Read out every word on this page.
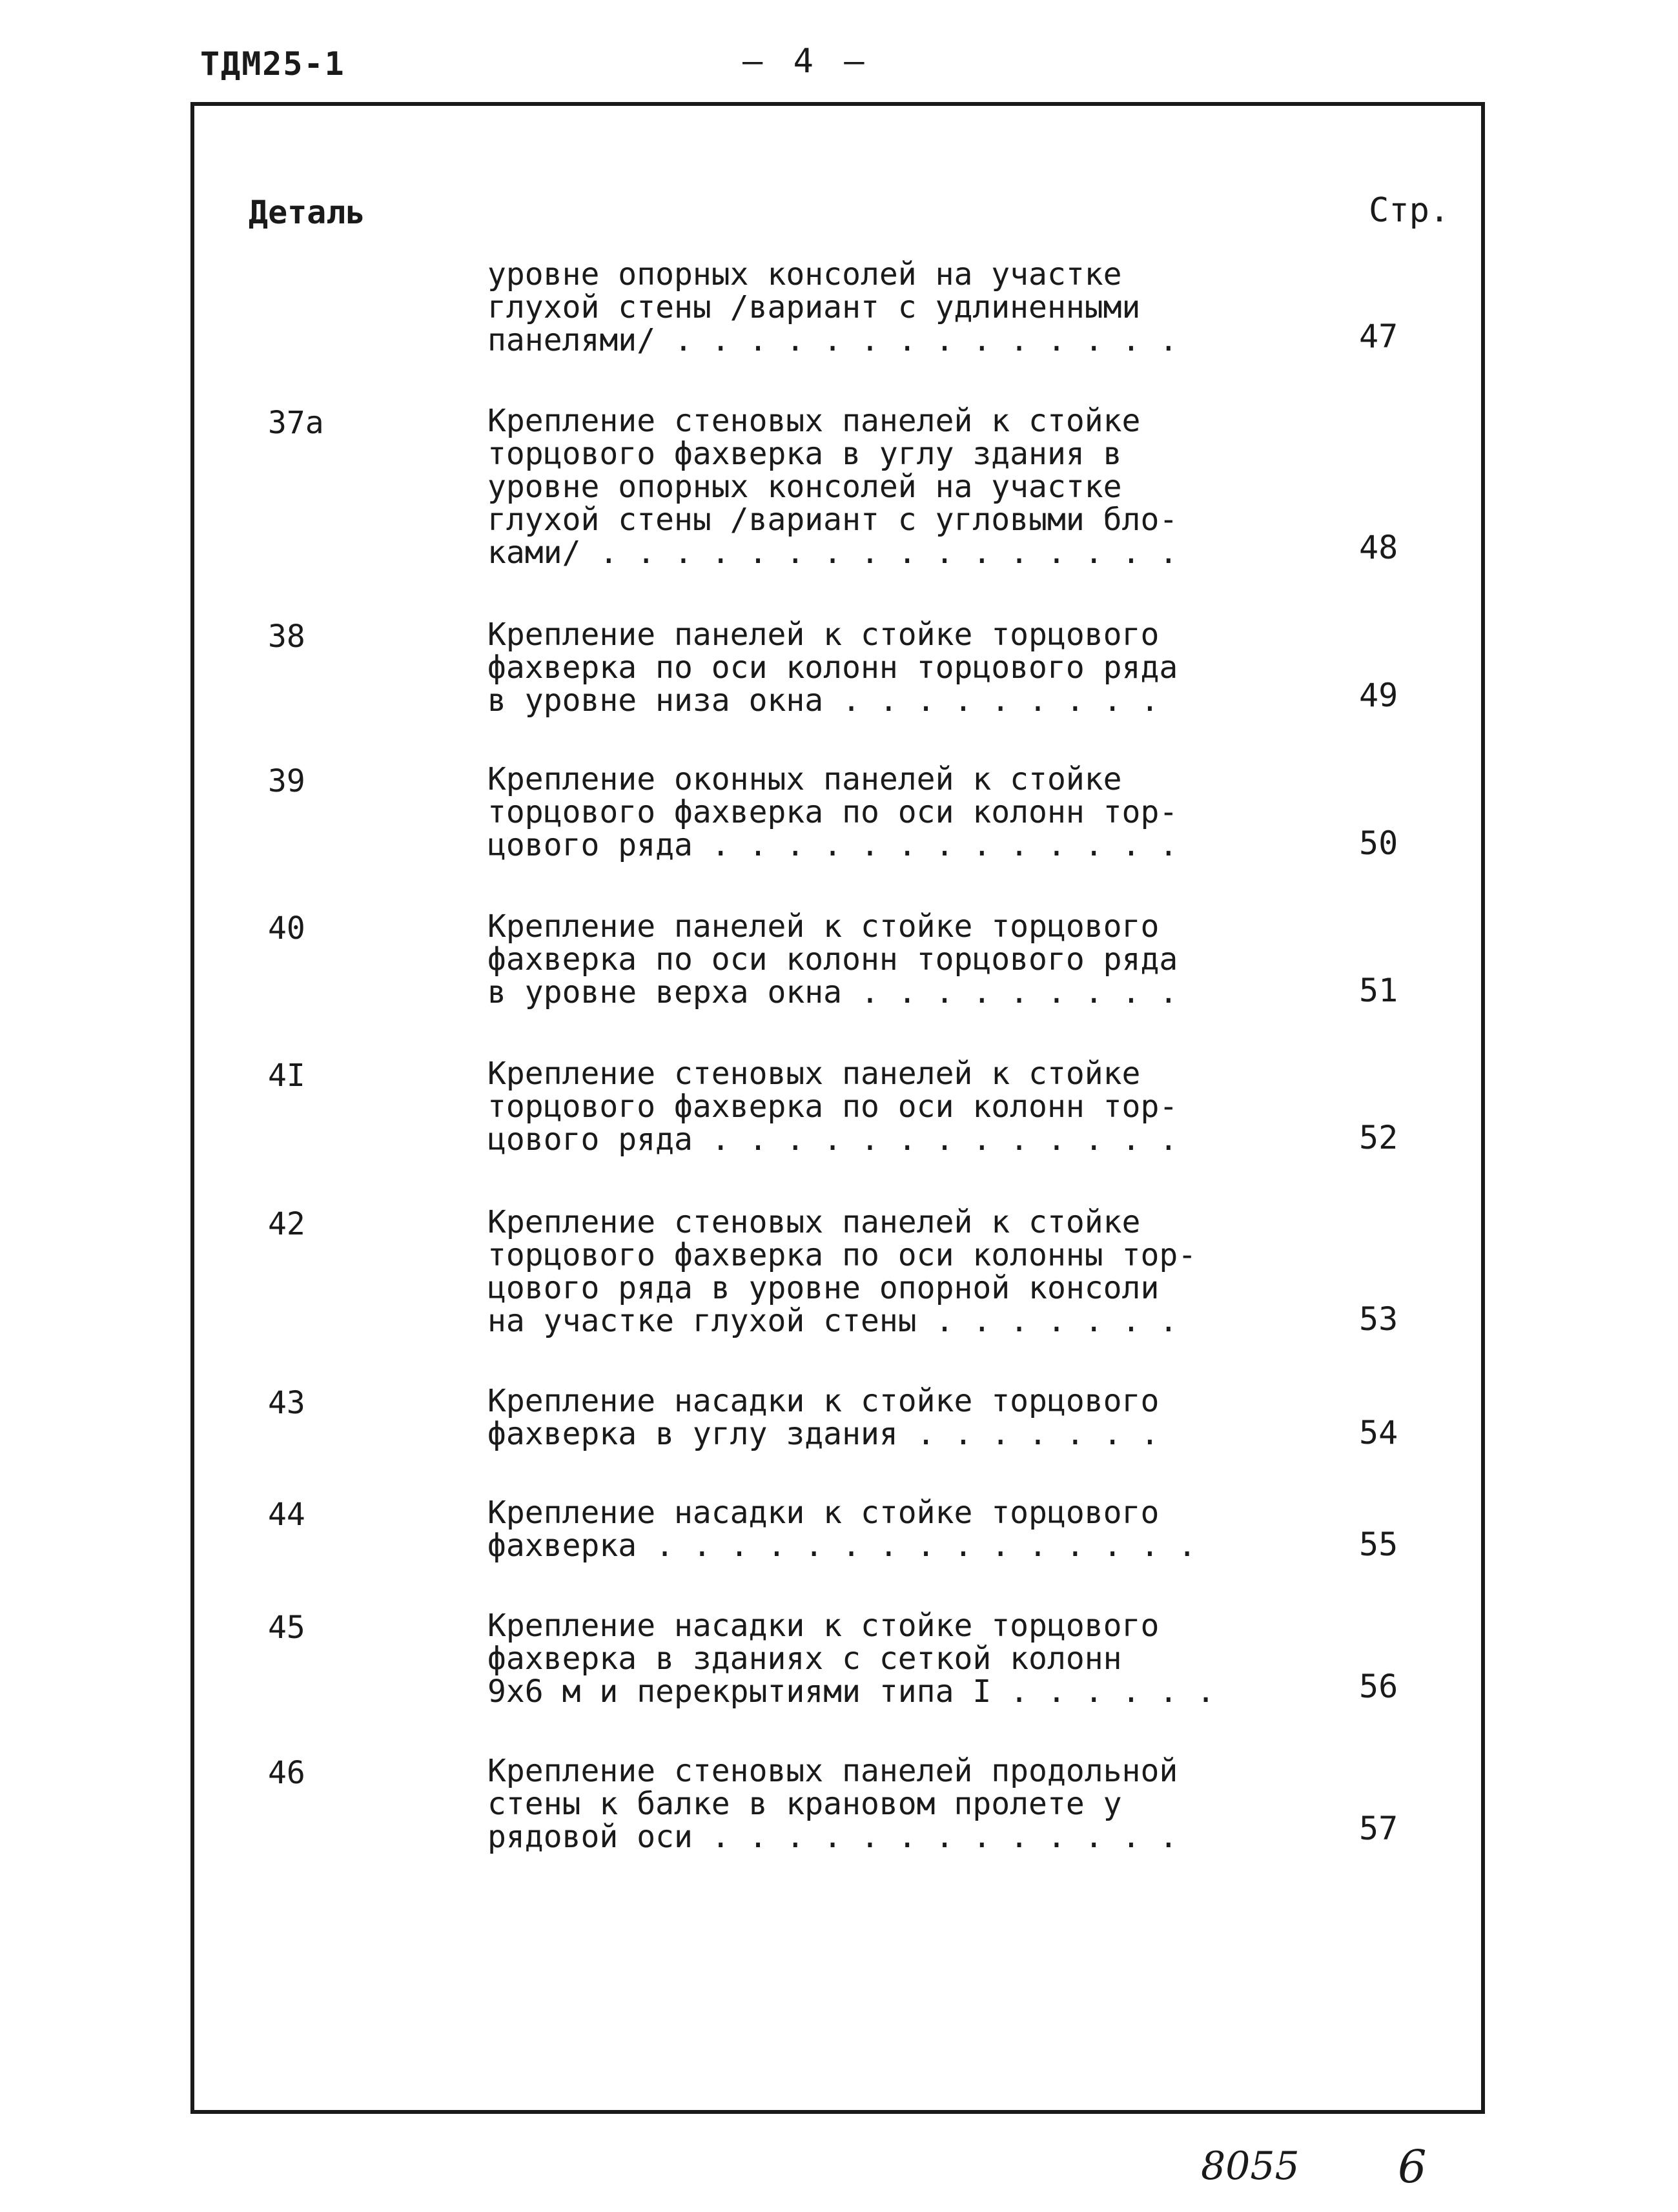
ТДМ25-1	— 4 —
Деталь	Стр.
уровне опорных консолей на участке
глухой стены /вариант с удлиненными
панелями/ . . . . . . . . . . . . . .	47
37а	Крепление стеновых панелей к стойке
торцового фахверка в углу здания в
уровне опорных консолей на участке
глухой стены /вариант с угловыми бло-
ками/ . . . . . . . . . . . . . . . .	48
38	Крепление панелей к стойке торцового
фахверка по оси колонн торцового ряда
в уровне низа окна . . . . . . . . .	49
39	Крепление оконных панелей к стойке
торцового фахверка по оси колонн тор-
цового ряда . . . . . . . . . . . . .	50
40	Крепление панелей к стойке торцового
фахверка по оси колонн торцового ряда
в уровне верха окна . . . . . . . . .	51
4I	Крепление стеновых панелей к стойке
торцового фахверка по оси колонн тор-
цового ряда . . . . . . . . . . . . .	52
42	Крепление стеновых панелей к стойке
торцового фахверка по оси колонны тор-
цового ряда в уровне опорной консоли
на участке глухой стены . . . . . . .	53
43	Крепление насадки к стойке торцового
фахверка в углу здания . . . . . . .	54
44	Крепление насадки к стойке торцового
фахверка . . . . . . . . . . . . . . .	55
45	Крепление насадки к стойке торцового
фахверка в зданиях с сеткой колонн
9х6 м и перекрытиями типа I . . . . . .	56
46	Крепление стеновых панелей продольной
стены к балке в крановом пролете у
рядовой оси . . . . . . . . . . . . .	57
8055 6
